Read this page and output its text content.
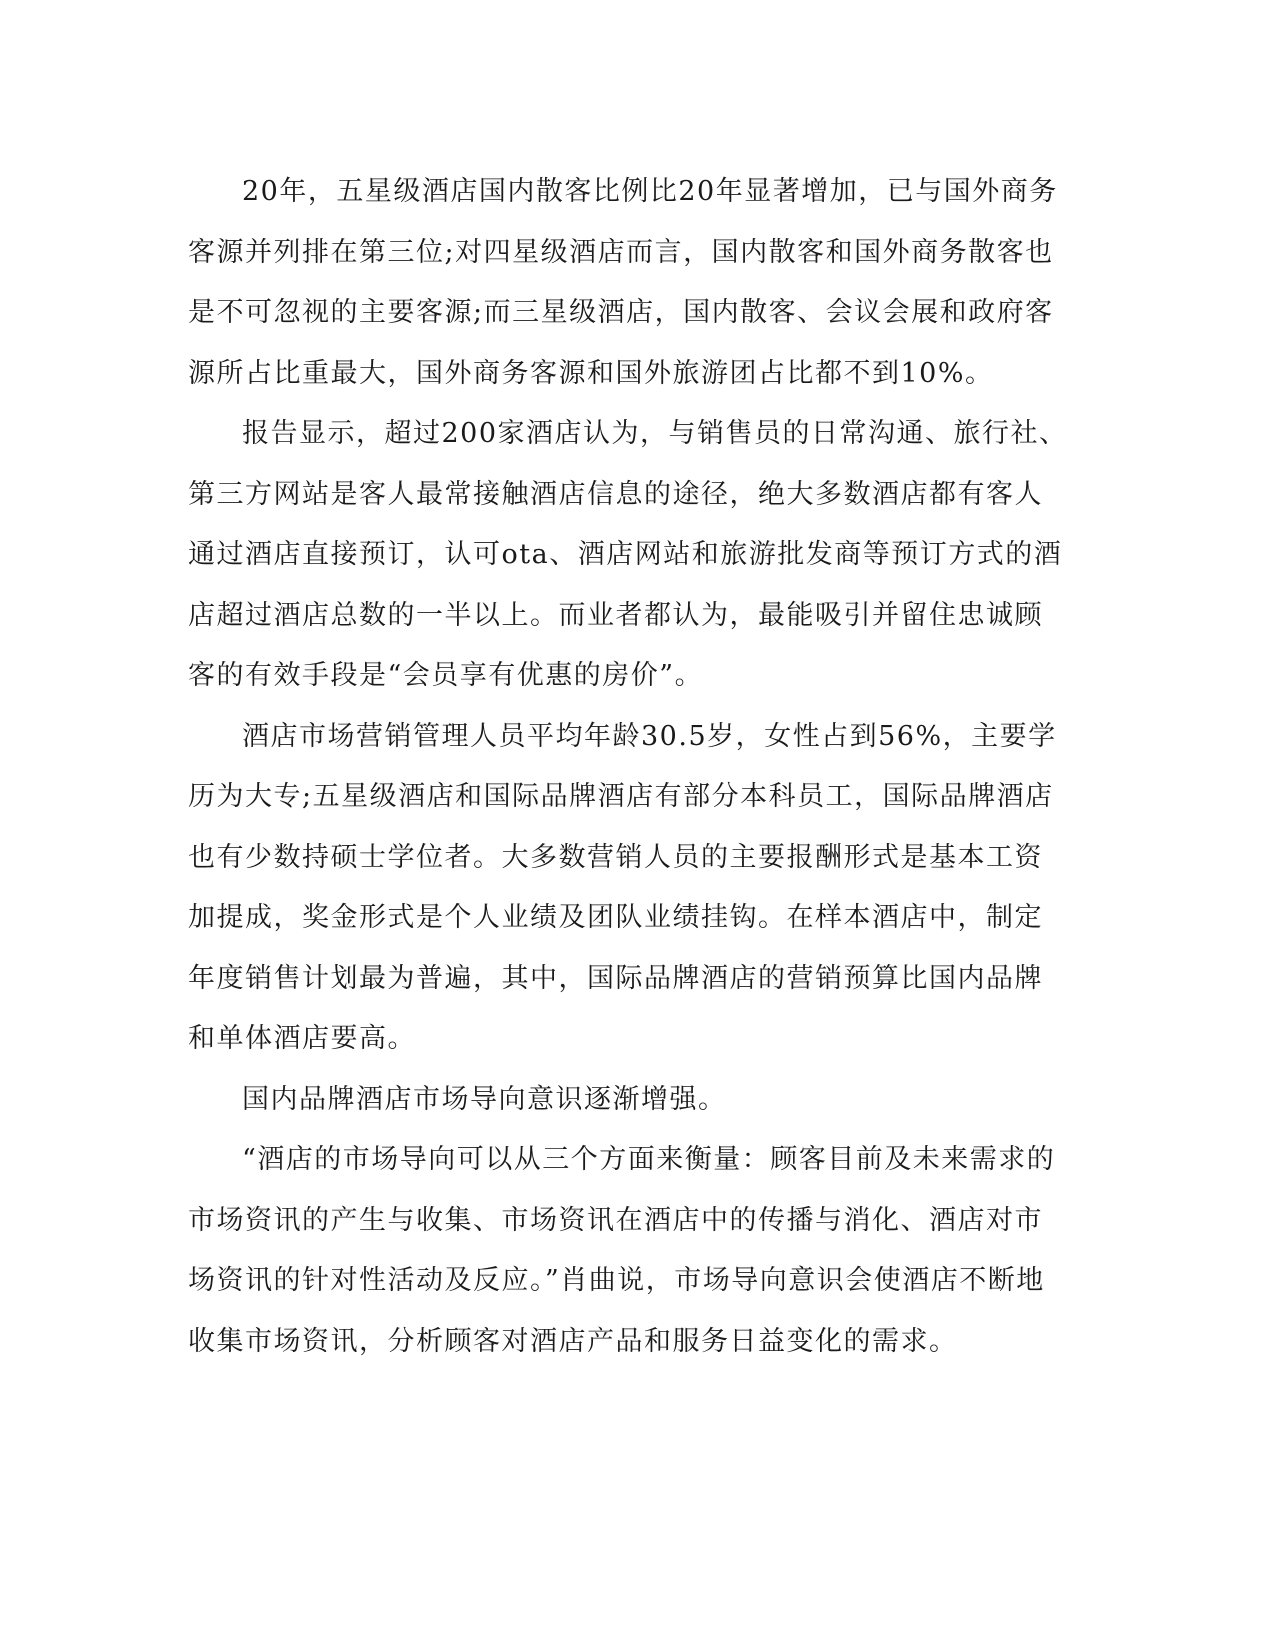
20年，五星级酒店国内散客比例比20年显著增加，已与国外商务客源并列排在第三位;对四星级酒店而言，国内散客和国外商务散客也是不可忽视的主要客源;而三星级酒店，国内散客、会议会展和政府客源所占比重最大，国外商务客源和国外旅游团占比都不到10%。

报告显示，超过200家酒店认为，与销售员的日常沟通、旅行社、第三方网站是客人最常接触酒店信息的途径，绝大多数酒店都有客人通过酒店直接预订，认可ota、酒店网站和旅游批发商等预订方式的酒店超过酒店总数的一半以上。而业者都认为，最能吸引并留住忠诚顾客的有效手段是“会员享有优惠的房价”。

酒店市场营销管理人员平均年龄30.5岁，女性占到56%，主要学历为大专;五星级酒店和国际品牌酒店有部分本科员工，国际品牌酒店也有少数持硕士学位者。大多数营销人员的主要报酬形式是基本工资加提成，奖金形式是个人业绩及团队业绩挂钩。在样本酒店中，制定年度销售计划最为普遍，其中，国际品牌酒店的营销预算比国内品牌和单体酒店要高。

国内品牌酒店市场导向意识逐渐增强。

“酒店的市场导向可以从三个方面来衡量：顾客目前及未来需求的市场资讯的产生与收集、市场资讯在酒店中的传播与消化、酒店对市场资讯的针对性活动及反应。”肖曲说，市场导向意识会使酒店不断地收集市场资讯，分析顾客对酒店产品和服务日益变化的需求。
